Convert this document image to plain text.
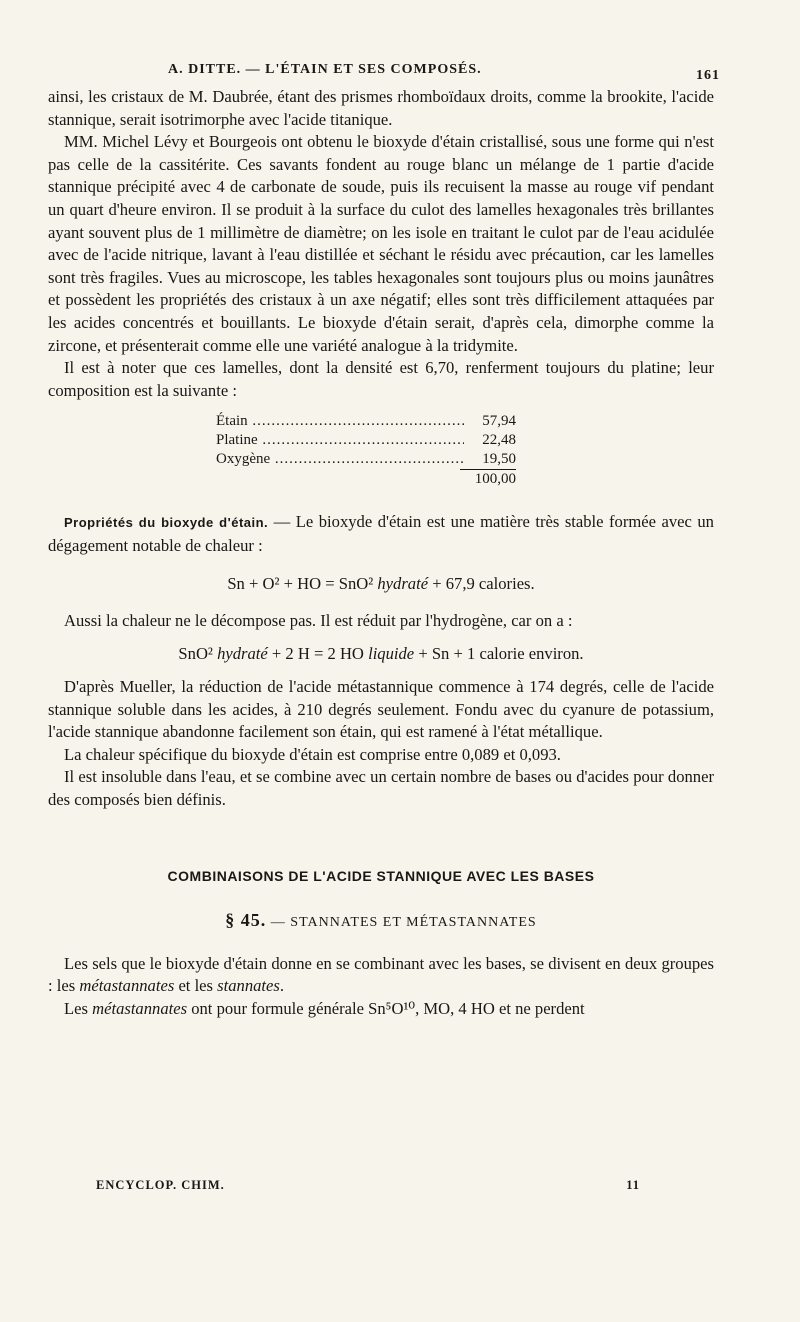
A. DITTE. — L'ÉTAIN ET SES COMPOSÉS.	161

ainsi, les cristaux de M. Daubrée, étant des prismes rhomboïdaux droits, comme la brookite, l'acide stannique, serait isotrimorphe avec l'acide titanique.

MM. Michel Lévy et Bourgeois ont obtenu le bioxyde d'étain cristallisé, sous une forme qui n'est pas celle de la cassitérite. Ces savants fondent au rouge blanc un mélange de 1 partie d'acide stannique précipité avec 4 de carbonate de soude, puis ils recuisent la masse au rouge vif pendant un quart d'heure environ. Il se produit à la surface du culot des lamelles hexagonales très brillantes ayant souvent plus de 1 millimètre de diamètre; on les isole en traitant le culot par de l'eau acidulée avec de l'acide nitrique, lavant à l'eau distillée et séchant le résidu avec précaution, car les lamelles sont très fragiles. Vues au microscope, les tables hexagonales sont toujours plus ou moins jaunâtres et possèdent les propriétés des cristaux à un axe négatif; elles sont très difficilement attaquées par les acides concentrés et bouillants. Le bioxyde d'étain serait, d'après cela, dimorphe comme la zircone, et présenterait comme elle une variété analogue à la tridymite.

Il est à noter que ces lamelles, dont la densité est 6,70, renferment toujours du platine; leur composition est la suivante :

Étain .....	57,94
Platine .....	22,48
Oxygène .....	19,50
100,00

Propriétés du bioxyde d'étain. — Le bioxyde d'étain est une matière très stable formée avec un dégagement notable de chaleur :

Sn + O² + HO = SnO² hydraté + 67,9 calories.

Aussi la chaleur ne le décompose pas. Il est réduit par l'hydrogène, car on a :

SnO² hydraté + 2 H = 2 HO liquide + Sn + 1 calorie environ.

D'après Mueller, la réduction de l'acide métastannique commence à 174 degrés, celle de l'acide stannique soluble dans les acides, à 210 degrés seulement. Fondu avec du cyanure de potassium, l'acide stannique abandonne facilement son étain, qui est ramené à l'état métallique.

La chaleur spécifique du bioxyde d'étain est comprise entre 0,089 et 0,093.

Il est insoluble dans l'eau, et se combine avec un certain nombre de bases ou d'acides pour donner des composés bien définis.

COMBINAISONS DE L'ACIDE STANNIQUE AVEC LES BASES
§ 45. — STANNATES ET MÉTASTANNATES

Les sels que le bioxyde d'étain donne en se combinant avec les bases, se divisent en deux groupes : les métastannates et les stannates.

Les métastannates ont pour formule générale Sn⁵O¹⁰, MO, 4 HO et ne perdent

ENCYCLOP. CHIM.	11
